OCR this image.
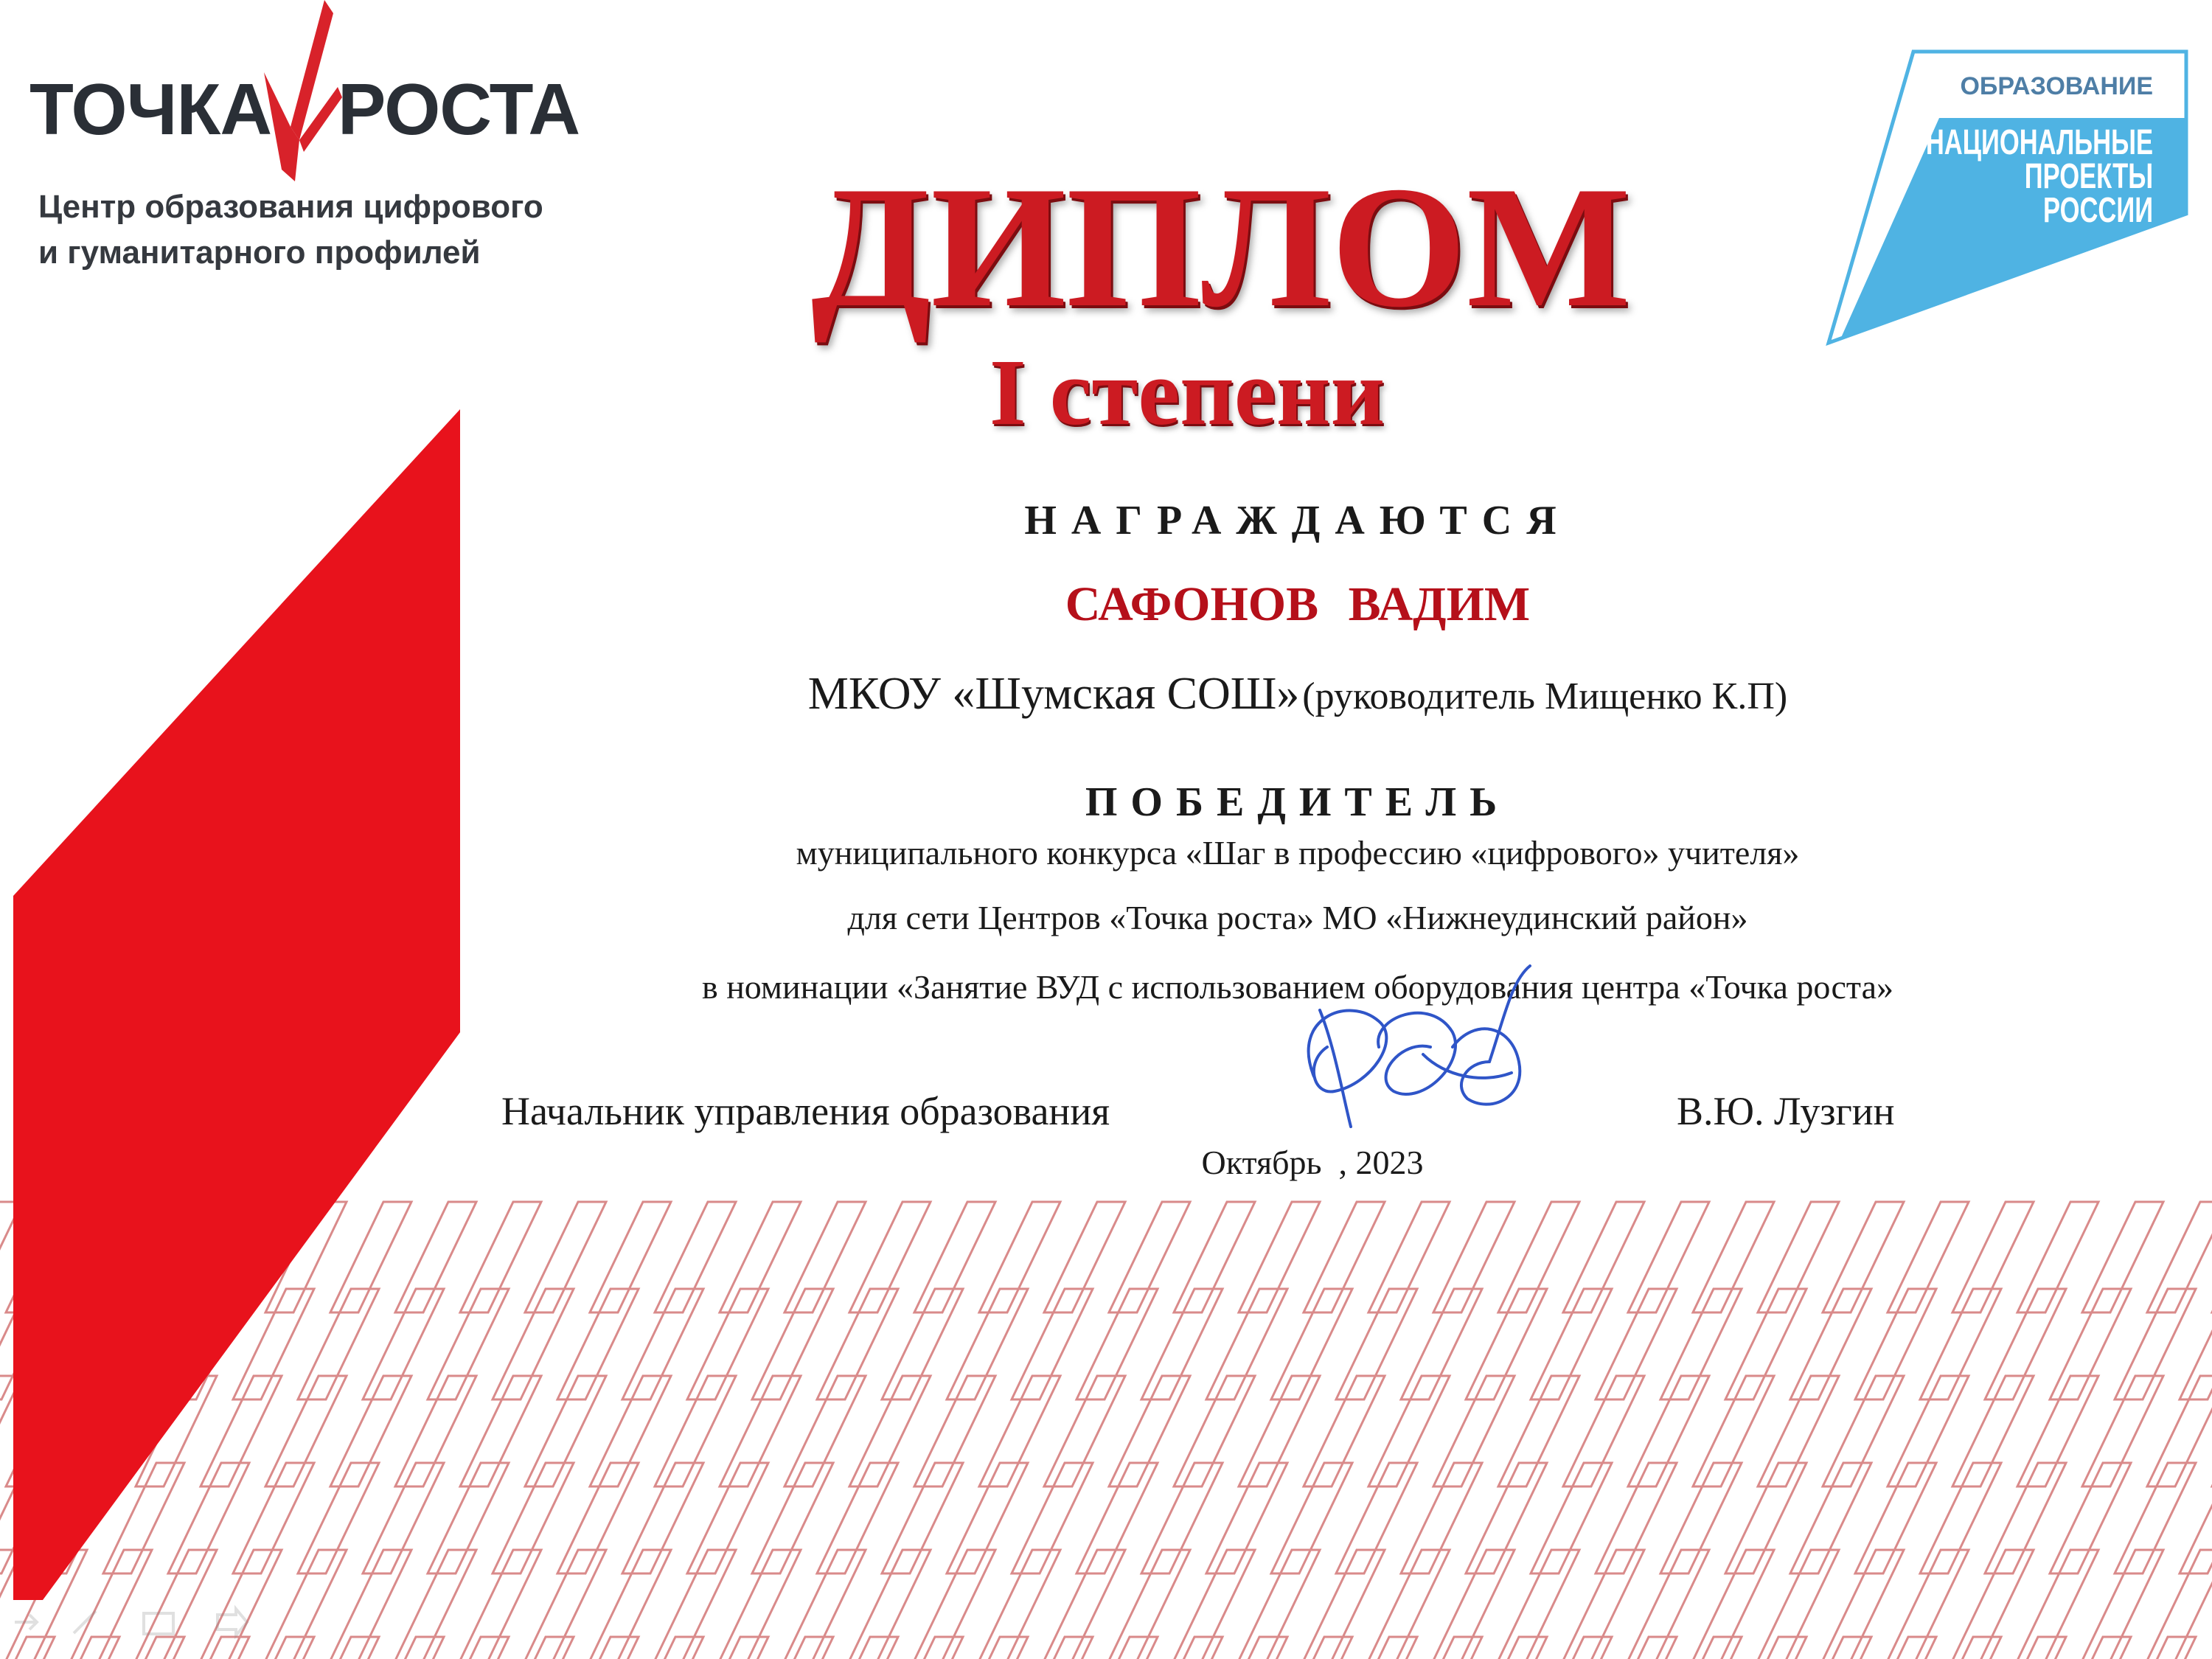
ТОЧКА РОСТА
Центр образования цифрового
и гуманитарного профилей
ОБРАЗОВАНИЕ
НАЦИОНАЛЬНЫЕ
ПРОЕКТЫ
РОССИИ
ДИПЛОМ
I степени
НАГРАЖДАЮТСЯ
САФОНОВ ВАДИМ
МКОУ «Шумская СОШ» (руководитель Мищенко К.П)
ПОБЕДИТЕЛЬ
муниципального конкурса «Шаг в профессию «цифрового» учителя»
для сети Центров «Точка роста» МО «Нижнеудинский район»
в номинации «Занятие ВУД с использованием оборудования центра «Точка роста»
Начальник управления образования	В.Ю. Лузгин
Октябрь  , 2023
